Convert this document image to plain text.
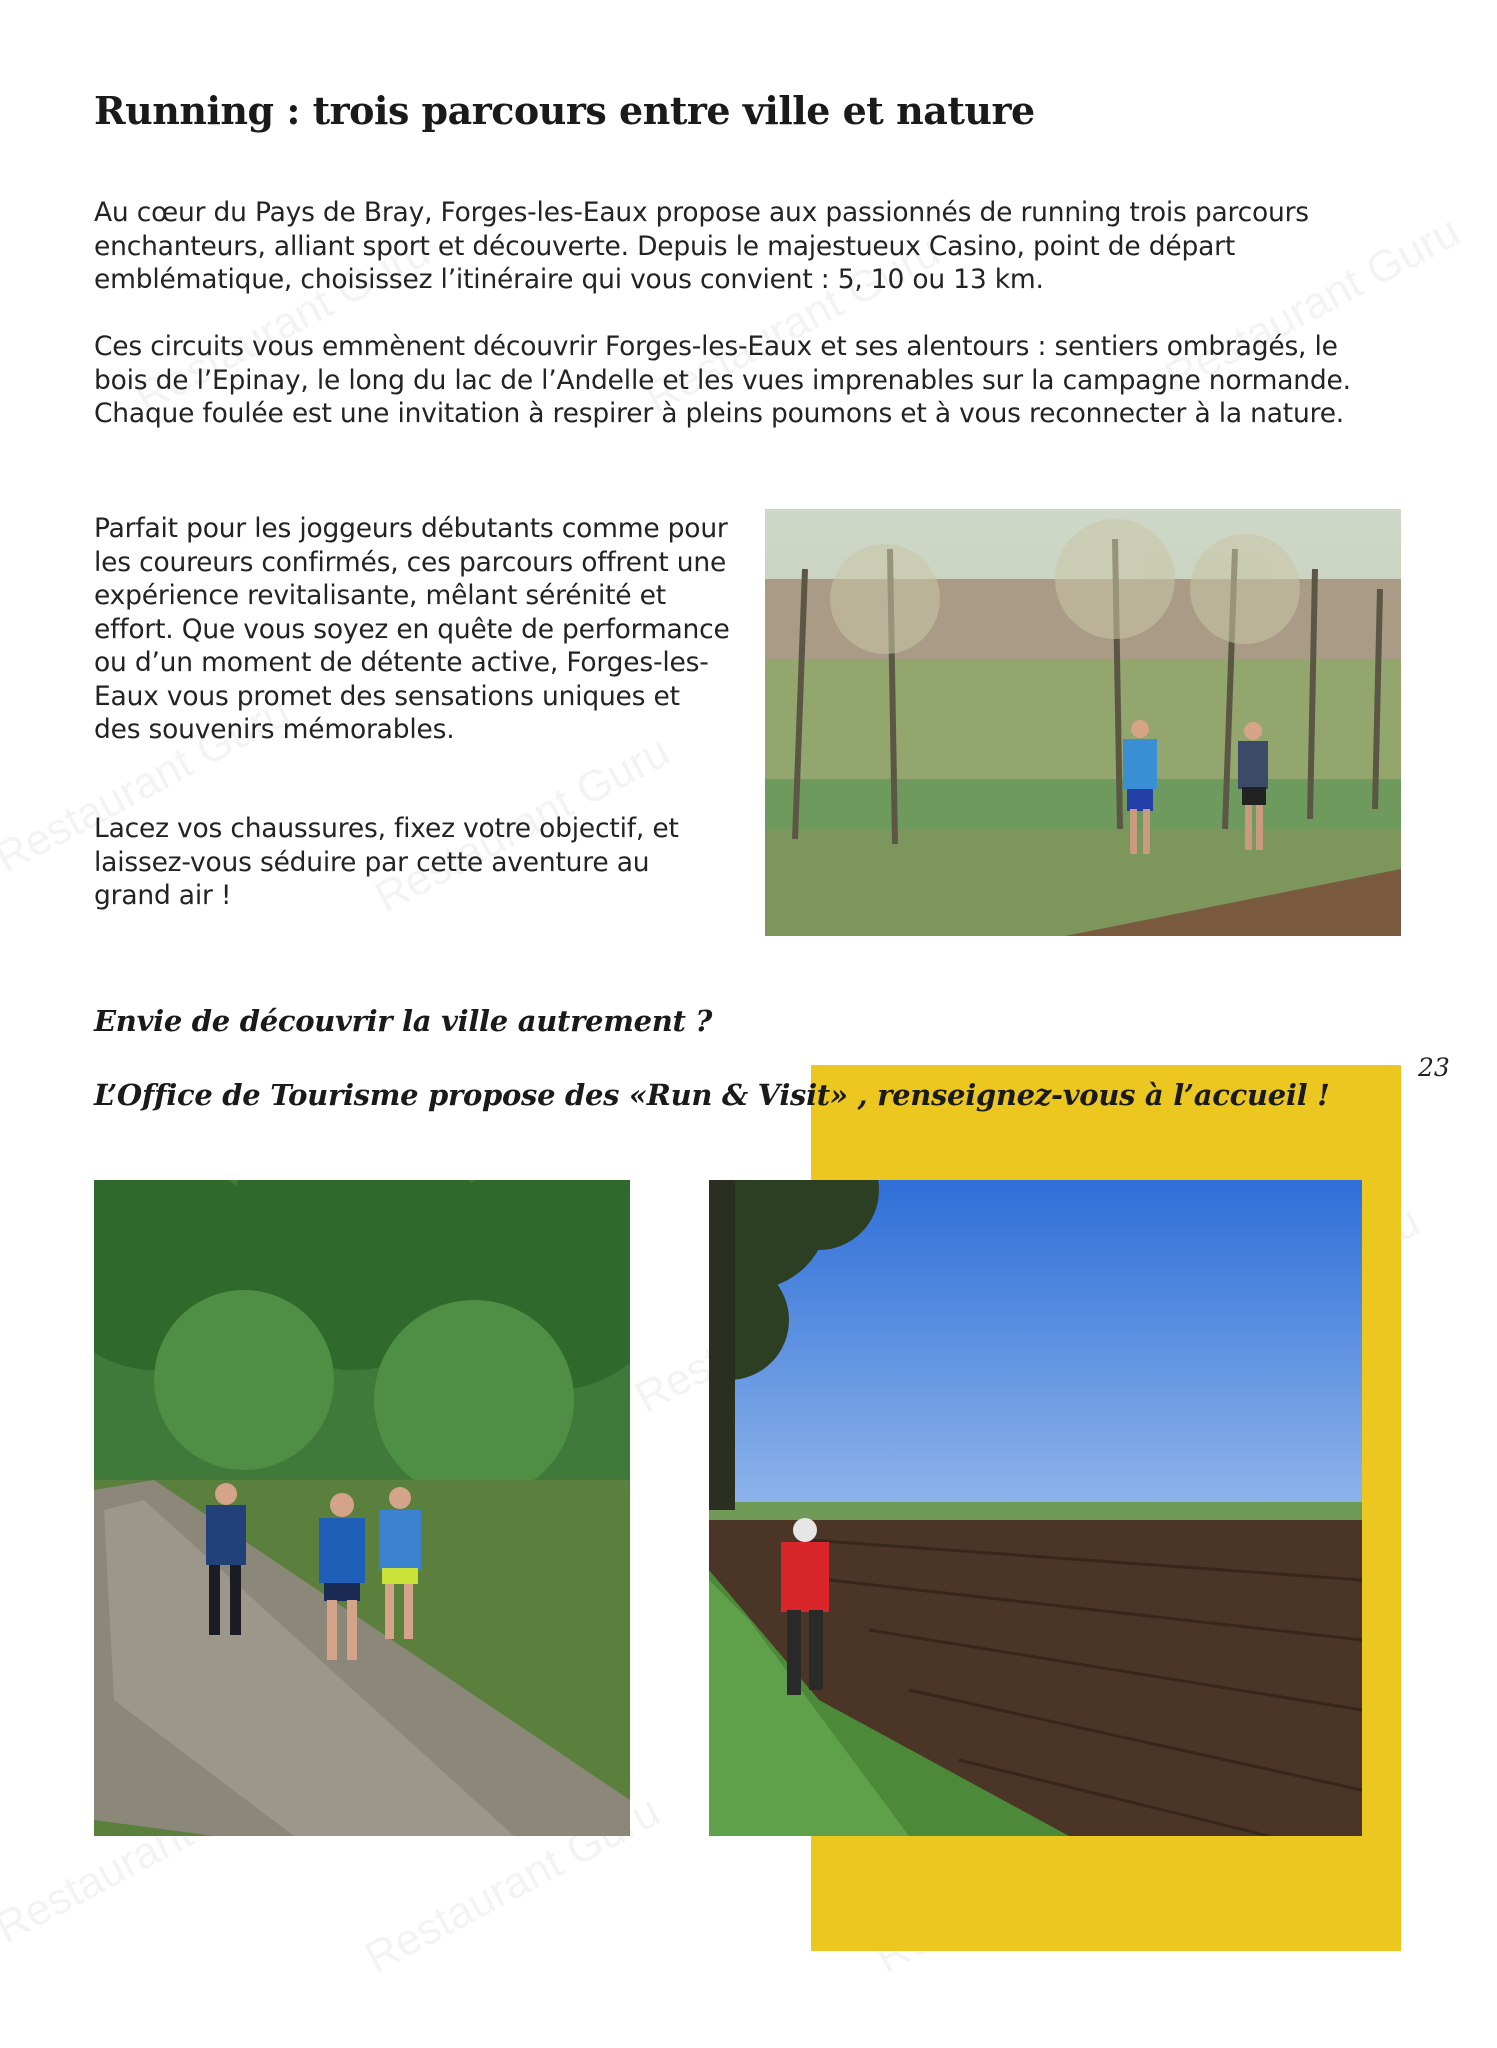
Running : trois parcours entre ville et nature

Au cœur du Pays de Bray, Forges-les-Eaux propose aux passionnés de running trois parcours enchanteurs, alliant sport et découverte. Depuis le majestueux Casino, point de départ emblématique, choisissez l’itinéraire qui vous convient : 5, 10 ou 13 km.

Ces circuits vous emmènent découvrir Forges-les-Eaux et ses alentours : sentiers ombragés, le bois de l’Epinay, le long du lac de l’Andelle et les vues imprenables sur la campagne normande. Chaque foulée est une invitation à respirer à pleins poumons et à vous reconnecter à la nature.

Parfait pour les joggeurs débutants comme pour les coureurs confirmés, ces parcours offrent une expérience revitalisante, mêlant sérénité et effort. Que vous soyez en quête de performance ou d’un moment de détente active, Forges-les-Eaux vous promet des sensations uniques et des souvenirs mémorables.

Lacez vos chaussures, fixez votre objectif, et laissez-vous séduire par cette aventure au grand air !

Envie de découvrir la ville autrement ?

L’Office de Tourisme propose des «Run & Visit» , renseignez-vous à l’accueil !

23
